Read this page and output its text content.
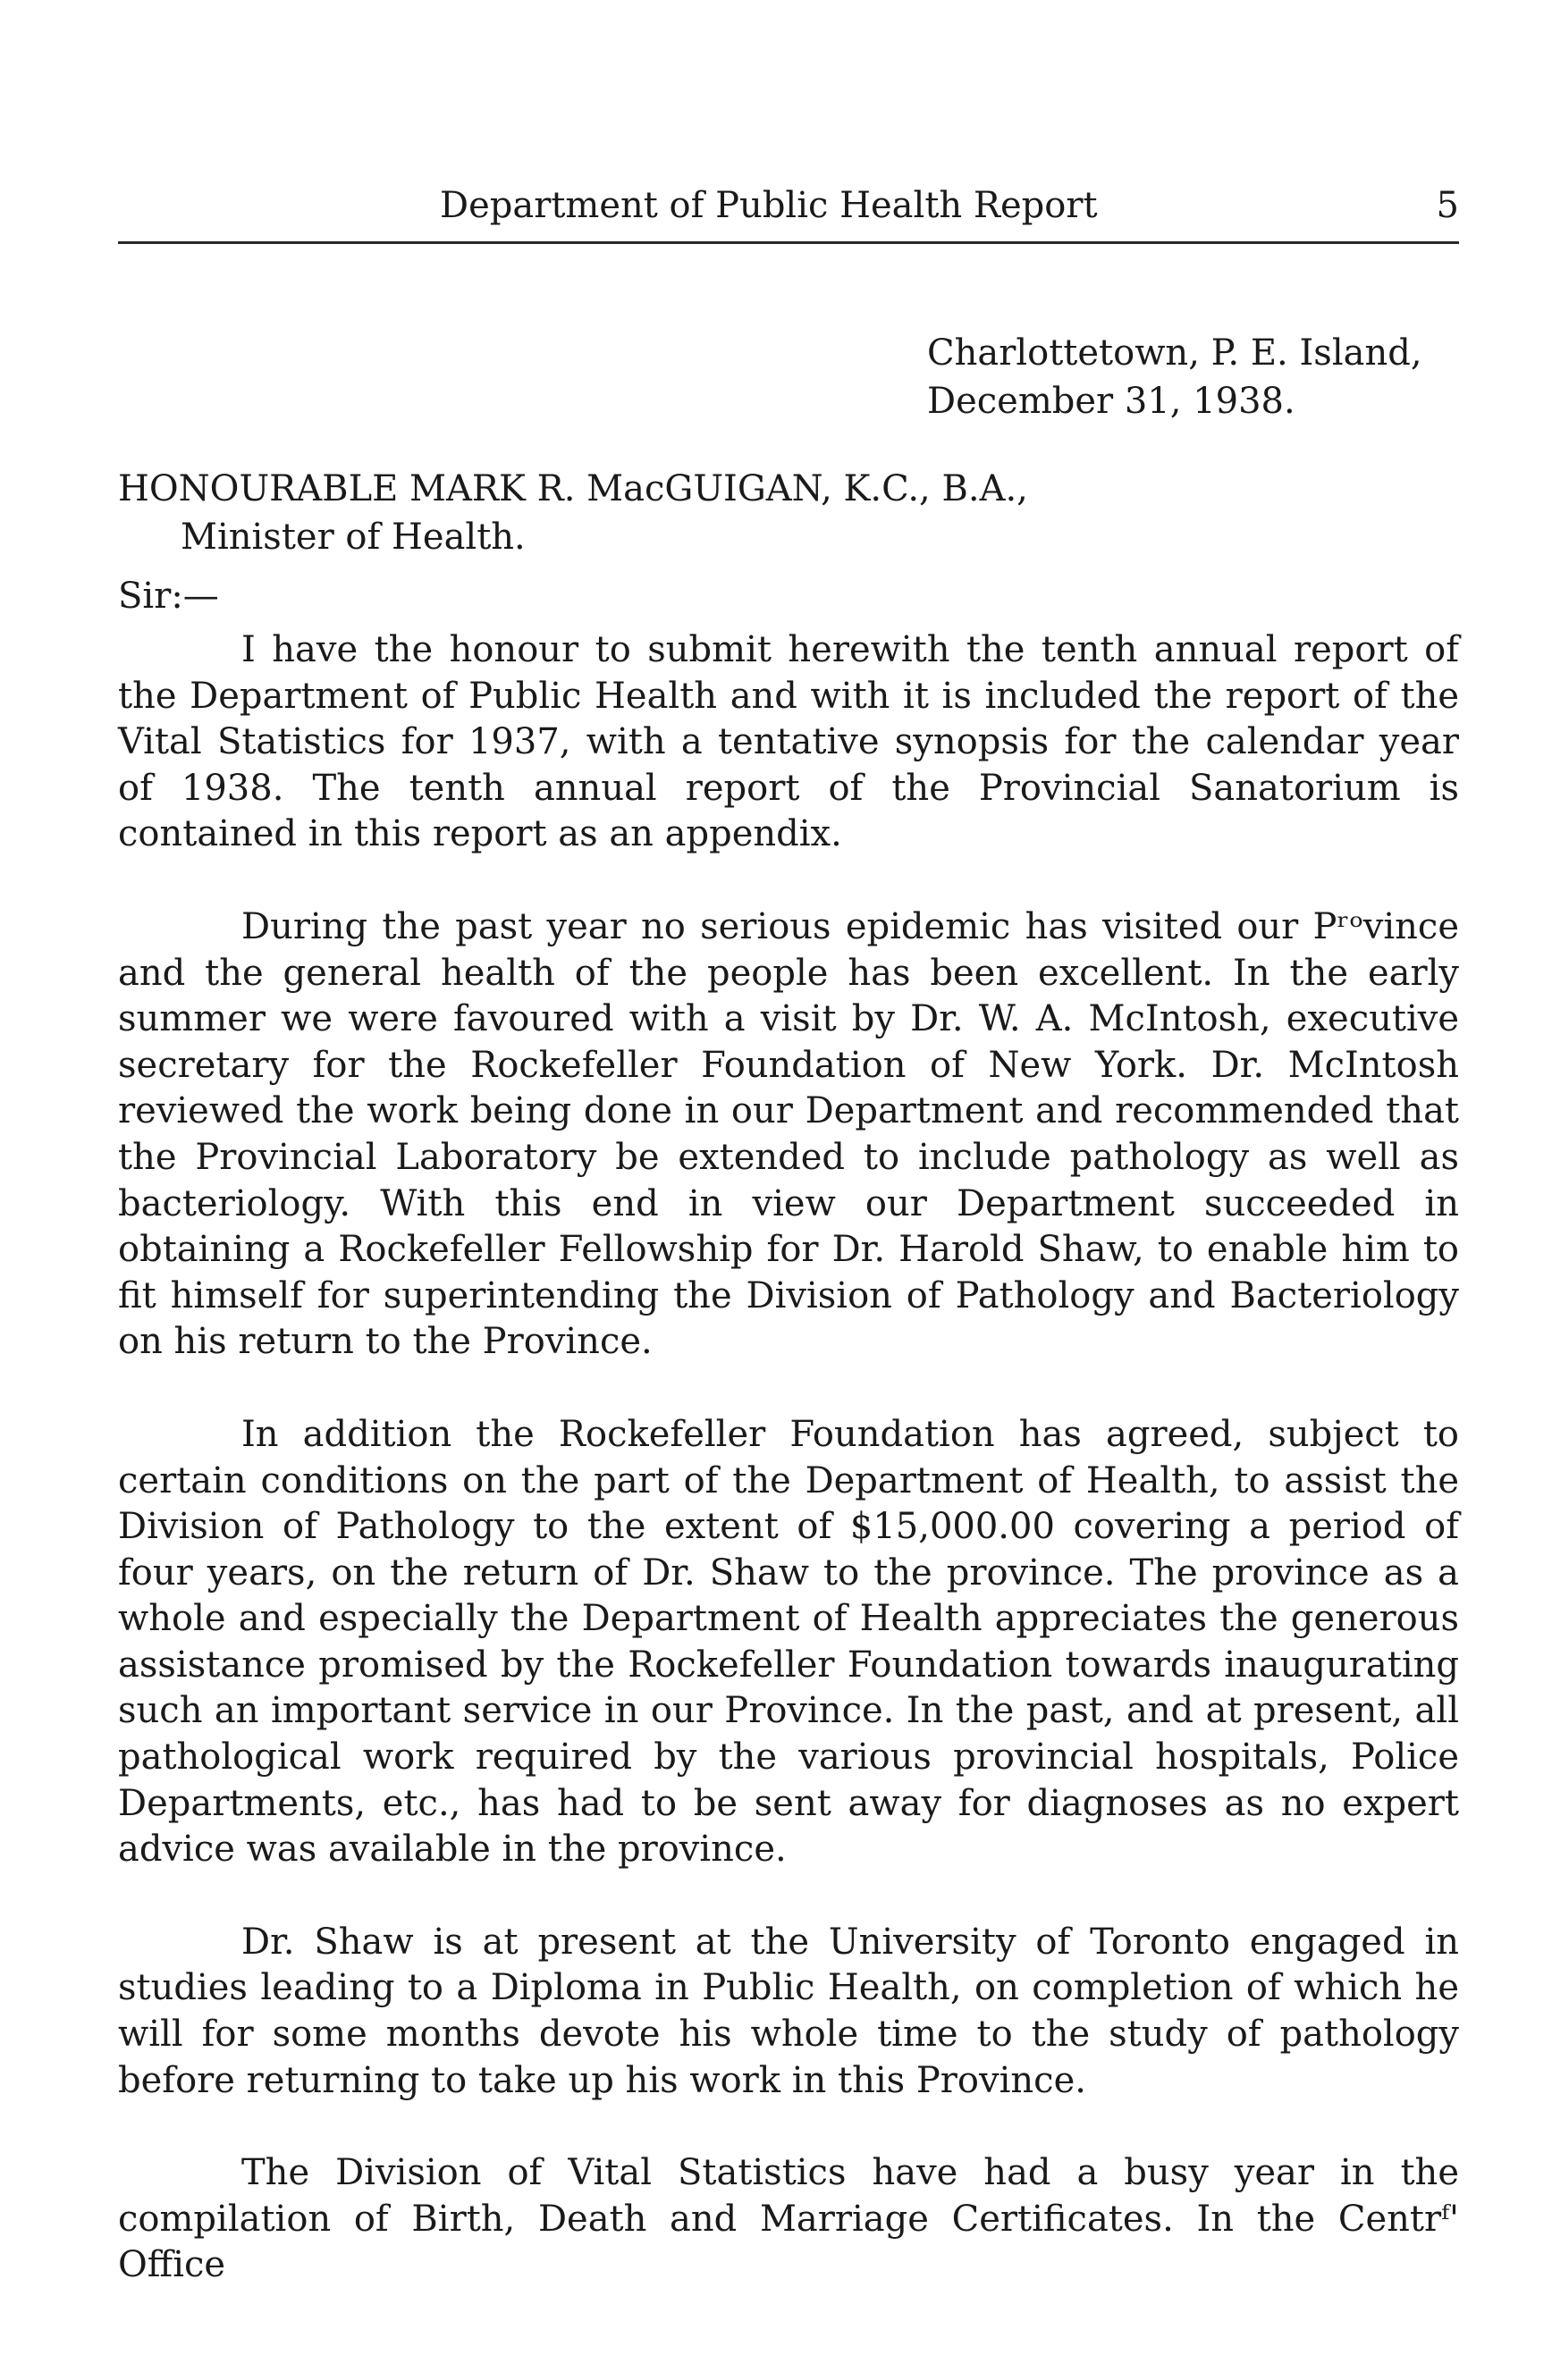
Department of Public Health Report	5
Charlottetown, P. E. Island,
December 31, 1938.
HONOURABLE MARK R. MacGUIGAN, K.C., B.A.,
Minister of Health.
Sir:—

I have the honour to submit herewith the tenth annual report of the Department of Public Health and with it is included the report of the Vital Statistics for 1937, with a tentative synopsis for the calendar year of 1938. The tenth annual report of the Provincial Sanatorium is contained in this report as an appendix.

During the past year no serious epidemic has visited our Pʳᵒvince and the general health of the people has been excellent. In the early summer we were favoured with a visit by Dr. W. A. McIntosh, executive secretary for the Rockefeller Foundation of New York. Dr. McIntosh reviewed the work being done in our Department and recommended that the Provincial Laboratory be extended to include pathology as well as bacteriology. With this end in view our Department succeeded in obtaining a Rockefeller Fellowship for Dr. Harold Shaw, to enable him to fit himself for superintending the Division of Pathology and Bacteriology on his return to the Province.

In addition the Rockefeller Foundation has agreed, subject to certain conditions on the part of the Department of Health, to assist the Division of Pathology to the extent of $15,000.00 covering a period of four years, on the return of Dr. Shaw to the province. The province as a whole and especially the Department of Health appreciates the generous assistance promised by the Rockefeller Foundation towards inaugurating such an important service in our Province. In the past, and at present, all pathological work required by the various provincial hospitals, Police Departments, etc., has had to be sent away for diagnoses as no expert advice was available in the province.

Dr. Shaw is at present at the University of Toronto engaged in studies leading to a Diploma in Public Health, on completion of which he will for some months devote his whole time to the study of pathology before returning to take up his work in this Province.

The Division of Vital Statistics have had a busy year in the compilation of Birth, Death and Marriage Certificates. In the Centrᶠ' Office
